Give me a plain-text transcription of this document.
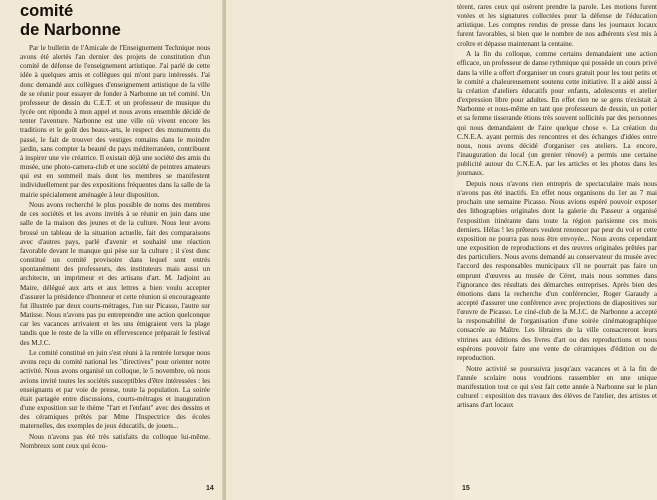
comité
de Narbonne

Par le bulletin de l'Amicale de l'Enseignement Technique nous avons été alertés l'an dernier des projets de constitution d'un comité de défense de l'enseignement artistique. J'ai parlé de cette idée à quelques amis et collègues qui m'ont paru intéressés. J'ai donc demandé aux collègues d'enseignement artistique de la ville de se réunir pour essayer de fonder à Narbonne un tel comité. Un professeur de dessin du C.E.T. et un professeur de musique du lycée ont répondu à mon appel et nous avons ensemble décidé de tenter l'aventure. Narbonne est une ville où vivent encore les traditions et le goût des beaux-arts, le respect des monuments du passé, le fait de trouver des vestiges romains dans le moindre jardin, sans compter la beauté du pays méditerranéen, contribuent à inspirer une vie créatrice. Il existait déjà une société des amis du musée, une photo-camera-club et une société de peintres amateurs qui est en sommeil mais dont les membres se manifestent individuellement par des expositions fréquentes dans la salle de la mairie spécialement aménagée à leur disposition.

Nous avons recherché le plus possible de noms des membres de ces sociétés et les avons invités à se réunir en juin dans une salle de la maison des jeunes et de la culture. Nous leur avons brossé un tableau de la situation actuelle, fait des comparaisons avec d'autres pays, parlé d'avenir et souhaité une réaction favorable devant le manque qui pèse sur la culture ; il s'est donc constitué un comité provisoire dans lequel sont entrés spontanément des professeurs, des instituteurs mais aussi un architecte, un imprimeur et des artisans d'art. M. Jadjoint au Maire, délégué aux arts et aux lettres a bien voulu accepter d'assurer la présidence d'honneur et cette réunion si encourageante fut illustrée par deux courts-métrages, l'un sur Picasso, l'autre sur Matisse. Nous n'avons pas pu entreprendre une action quelconque car les vacances arrivaient et les uns émigraient vers la plage tandis que le reste de la ville en effervescence préparait le festival des M.J.C.

Le comité constitué en juin s'est réuni à la rentrée lorsque nous avons reçu du comité national les "directives" pour orienter notre activité. Nous avons organisé un colloque, le 5 novembre, où nous avions invité toutes les sociétés susceptibles d'être intéressées : les enseignants et par voie de presse, toute la population. La soirée était partagée entre discussions, courts-métrages et inauguration d'une exposition sur le thème "l'art et l'enfant" avec des dessins et des céramiques prêtés par Mme l'Inspectrice des écoles maternelles, des exemples de jeux éducatifs, de jouets...

Nous n'avons pas été très satisfaits du colloque lui-même. Nombreux sont ceux qui écou-

14

tèrent, rares ceux qui osèrent prendre la parole. Les motions furent votées et les signatures collectées pour la défense de l'éducation artistique. Les comptes rendus de presse dans les journaux locaux furent favorables, si bien que le nombre de nos adhérents s'est mis à croître et dépasse maintenant la centaine.

A la fin du colloque, comme certains demandaient une action efficace, un professeur de danse rythmique qui possède un cours privé dans la ville a offert d'organiser un cours gratuit pour les tout petits et le comité a chaleureusement soutenu cette initiative. Il a aidé aussi à la création d'ateliers éducatifs pour enfants, adolescents et atelier d'expression libre pour adultes. En effet rien ne se gens n'existait à Narbonne et nous-même en tant que professeurs de dessin, un potier et sa femme tisserande étions très souvent sollicités par des personnes qui nous demandaient de l'aire quelque chose ». La création du C.N.E.A. ayant permis des rencontres et des échanges d'idées entre nous, nous avons décidé d'organiser ces ateliers. La encore, l'inauguration du local (un grenier rénové) a permis une certaine publicité autour du C.N.E.A. par les articles et les photos dans les journaux.

Depuis nous n'avons rien entrepris de spectaculaire mais nous n'avons pas été inactifs. En effet nous organisons du 1er au 7 mai prochain une semaine Picasso. Nous avions espéré pouvoir exposer des lithographies originales dont la galerie du Passeur a organisé l'exposition itinérante dans toute la région parisienne ces mois derniers. Hélas ! les prêteurs veulent renoncer par peur du vol et cette exposition ne pourra pas nous être envoyée... Nous avons cependant une exposition de reproductions et des œuvres originales prêtées par des particuliers. Nous avons demandé au conservateur du musée avec l'accord des responsables municipaux s'il ne pourrait pas faire un emprunt d'œuvres au musée de Céret, mais nous sommes dans l'ignorance des résultats des démarches entreprises. Après bien des émotions dans la recherche d'un conférencier, Roger Garaudy a accepté d'assurer une conférence avec projections de diapositives sur l'œuvre de Picasso. Le ciné-club de la M.J.C. de Narbonne a accepté la responsabilité de l'organisation d'une soirée cinématographique consacrée au Maître. Les libraires de la ville consacreront leurs vitrines aux éditions des livres d'art ou des reproductions et nous espérons pouvoir faire une vente de céramiques d'édition ou de reproduction.

Notre activité se poursuivra jusqu'aux vacances et à la fin de l'année scolaire nous voudrions rassembler en une unique manifestation tout ce qui s'est fait cette année à Narbonne sur le plan culturel : exposition des travaux des élèves de l'atelier, des artistes et artisans d'art locaux

15
